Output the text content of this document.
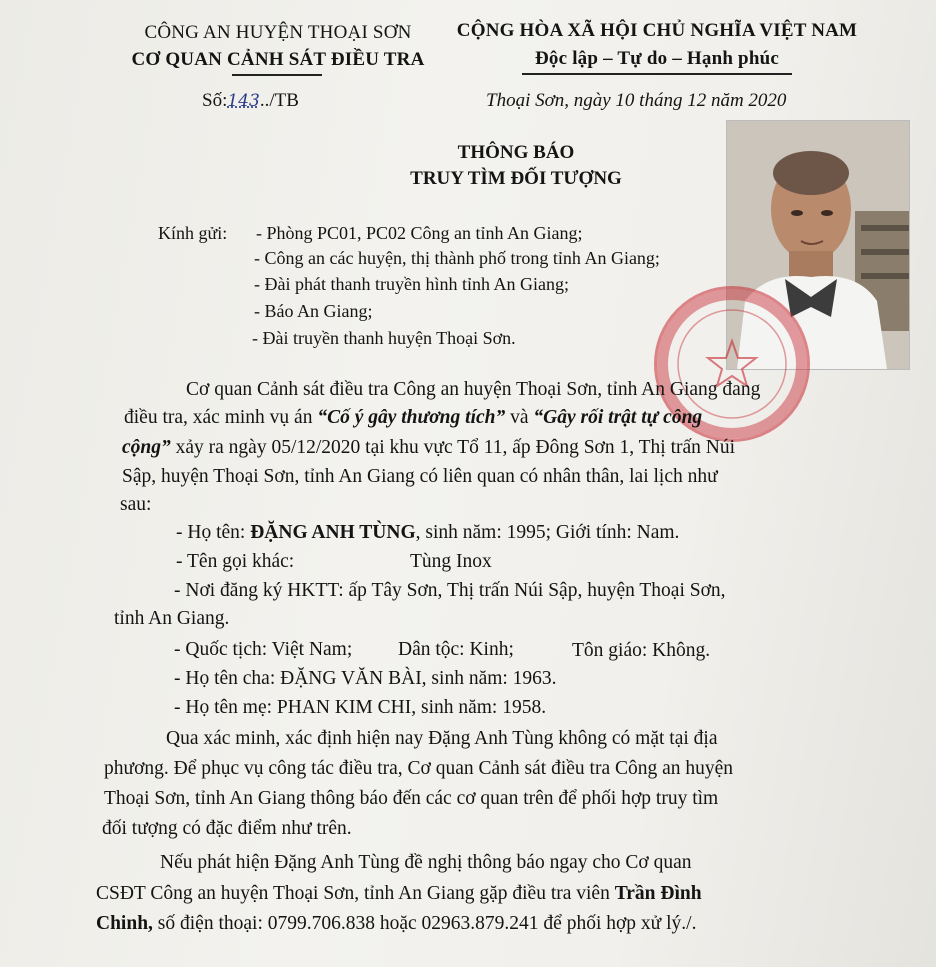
CÔNG AN HUYỆN THOẠI SƠN
CƠ QUAN CẢNH SÁT ĐIỀU TRA
CỘNG HÒA XÃ HỘI CHỦ NGHĨA VIỆT NAM
Độc lập – Tự do – Hạnh phúc
Số:143../TB	Thoại Sơn, ngày 10 tháng 12 năm 2020
THÔNG BÁO
TRUY TÌM ĐỐI TƯỢNG
Kính gửi: - Phòng PC01, PC02 Công an tỉnh An Giang;
- Công an các huyện, thị thành phố trong tỉnh An Giang;
- Đài phát thanh truyền hình tỉnh An Giang;
- Báo An Giang;
- Đài truyền thanh huyện Thoại Sơn.
Cơ quan Cảnh sát điều tra Công an huyện Thoại Sơn, tỉnh An Giang đang
điều tra, xác minh vụ án “Cố ý gây thương tích” và “Gây rối trật tự công
cộng” xảy ra ngày 05/12/2020 tại khu vực Tổ 11, ấp Đông Sơn 1, Thị trấn Núi
Sập, huyện Thoại Sơn, tỉnh An Giang có liên quan có nhân thân, lai lịch như
sau:
- Họ tên: ĐẶNG ANH TÙNG, sinh năm: 1995; Giới tính: Nam.
- Tên gọi khác:	Tùng Inox
- Nơi đăng ký HKTT: ấp Tây Sơn, Thị trấn Núi Sập, huyện Thoại Sơn,
tỉnh An Giang.
- Quốc tịch: Việt Nam; Dân tộc: Kinh;	Tôn giáo: Không.
- Họ tên cha: ĐẶNG VĂN BÀI, sinh năm: 1963.
- Họ tên mẹ: PHAN KIM CHI, sinh năm: 1958.
Qua xác minh, xác định hiện nay Đặng Anh Tùng không có mặt tại địa
phương. Để phục vụ công tác điều tra, Cơ quan Cảnh sát điều tra Công an huyện
Thoại Sơn, tỉnh An Giang thông báo đến các cơ quan trên để phối hợp truy tìm
đối tượng có đặc điểm như trên.
Nếu phát hiện Đặng Anh Tùng đề nghị thông báo ngay cho Cơ quan
CSĐT Công an huyện Thoại Sơn, tỉnh An Giang gặp điều tra viên Trần Đình
Chinh, số điện thoại: 0799.706.838 hoặc 02963.879.241 để phối hợp xử lý./.
